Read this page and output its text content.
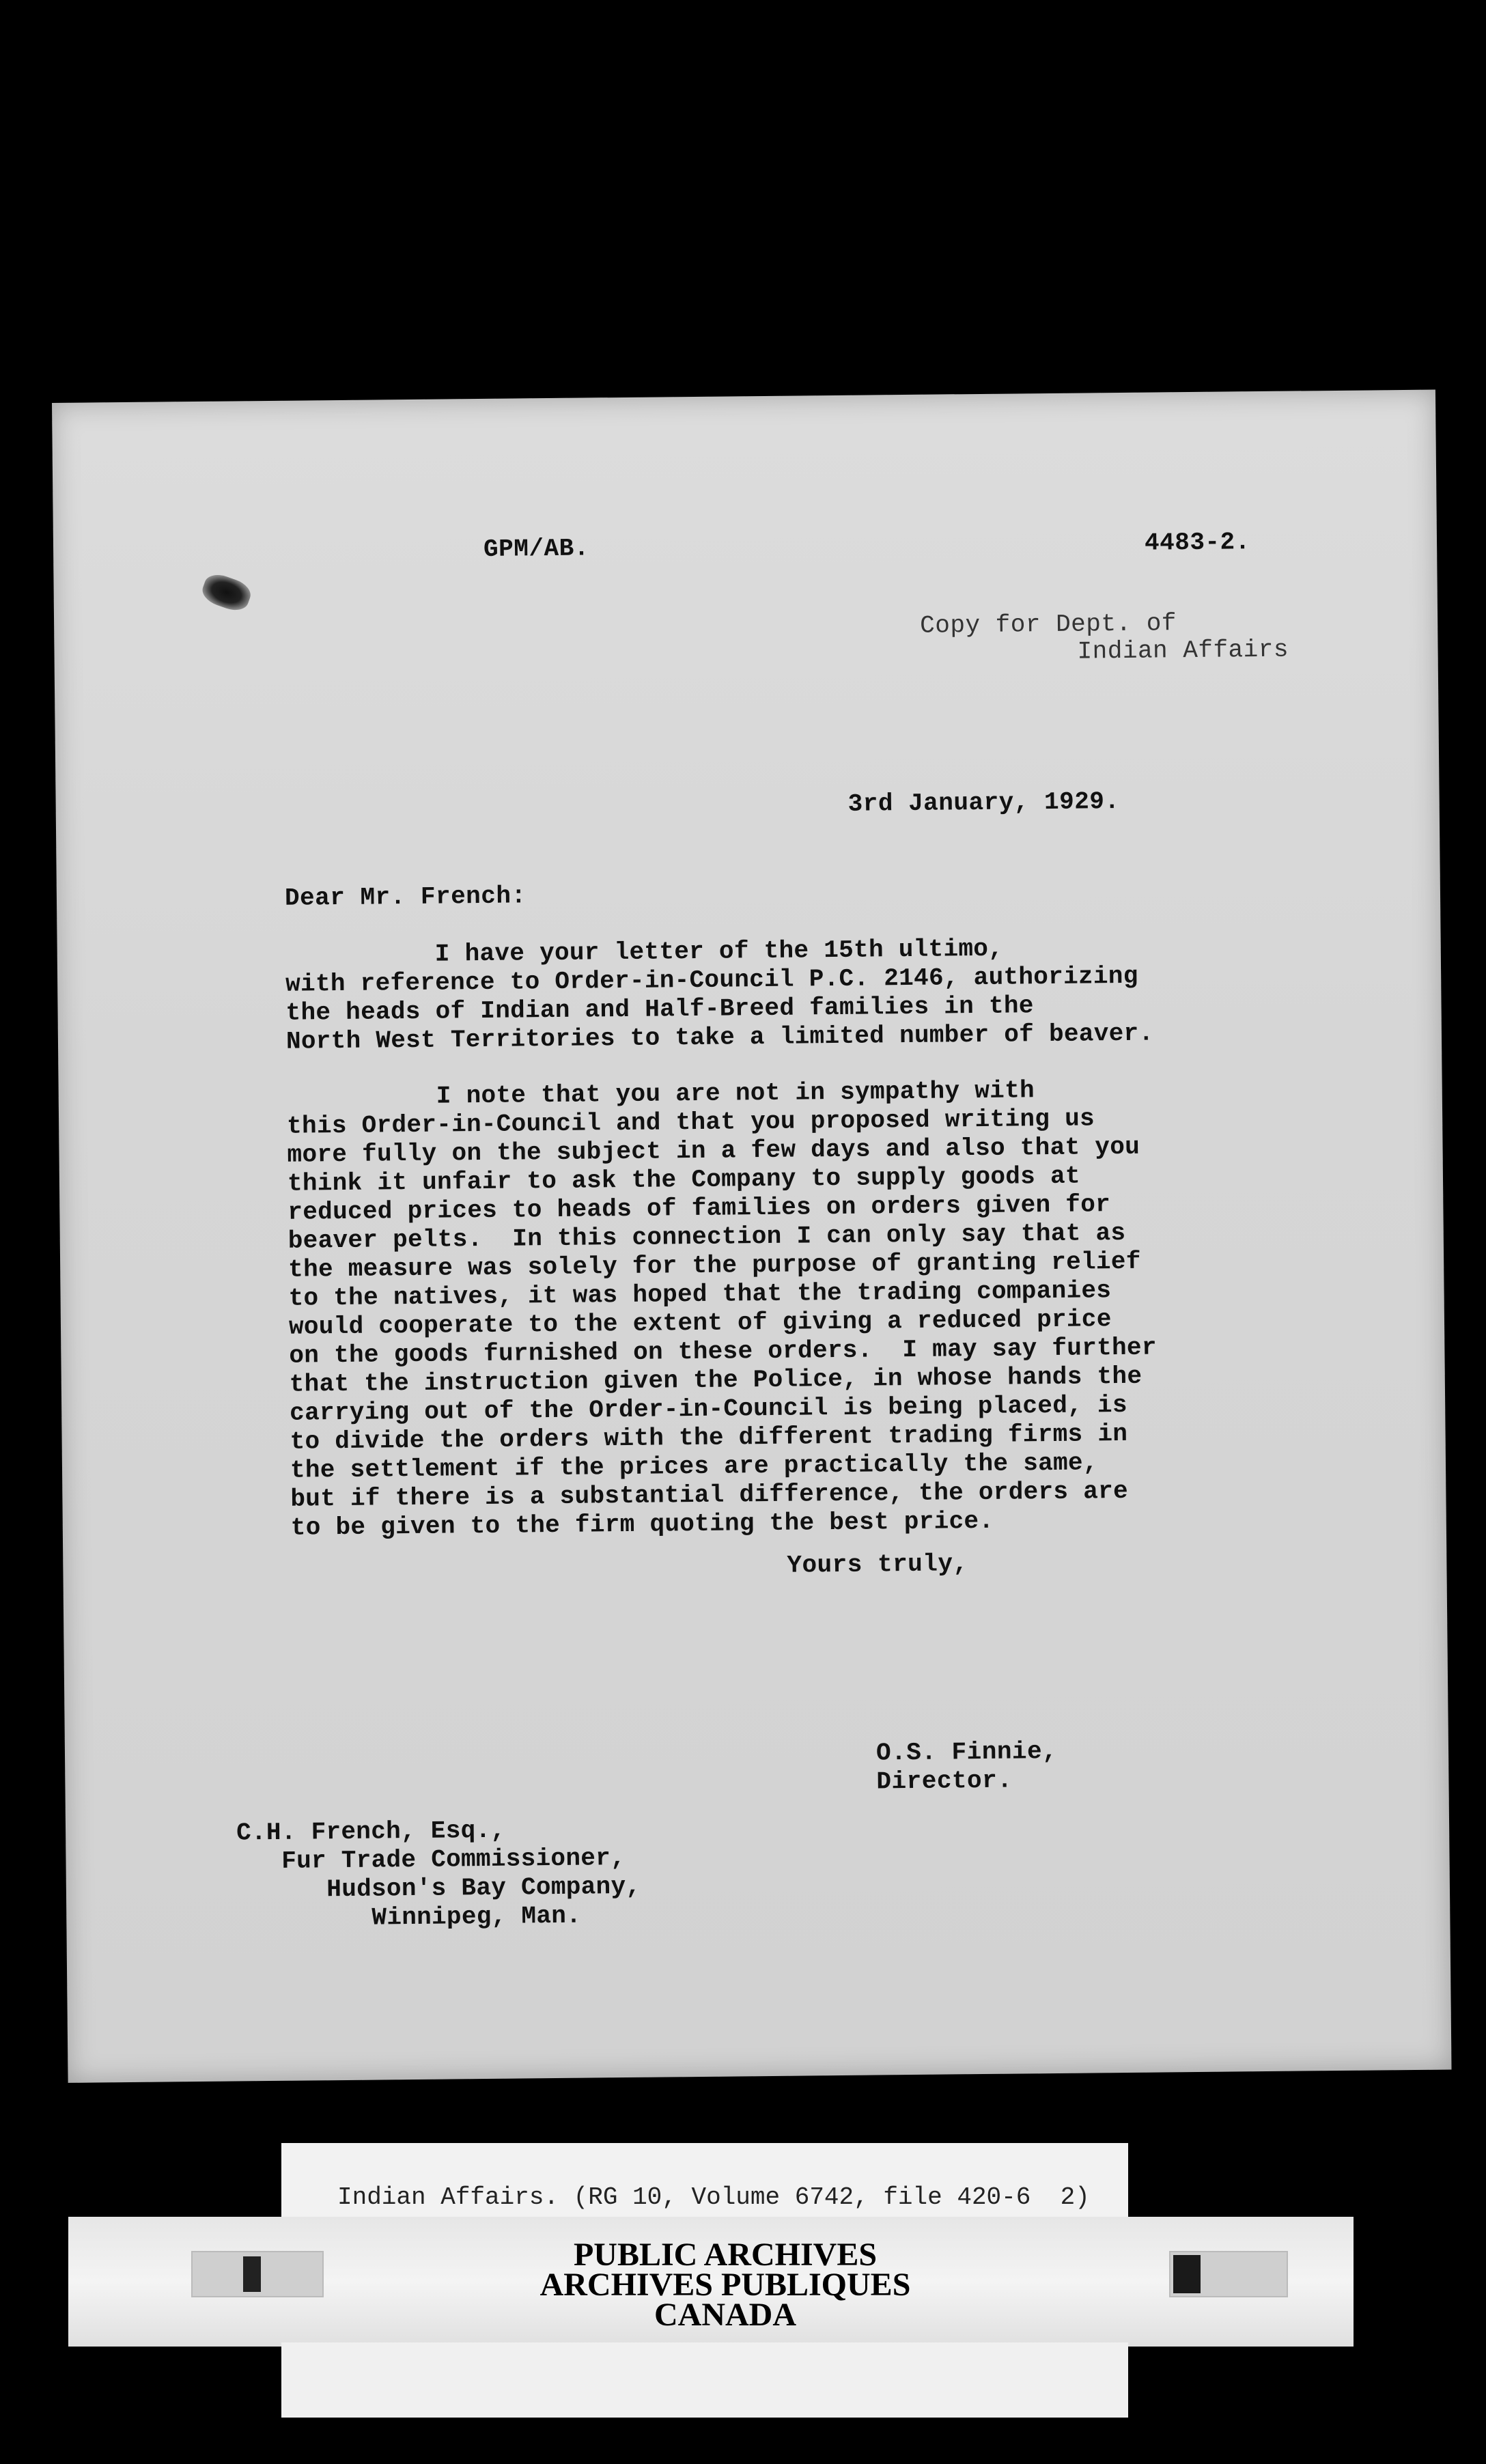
GPM/AB.	4483-2.
Copy for Dept. of
Indian Affairs
3rd January, 1929.
Dear Mr. French:
I have your letter of the 15th ultimo,
with reference to Order-in-Council P.C. 2146, authorizing
the heads of Indian and Half-Breed families in the
North West Territories to take a limited number of beaver.
I note that you are not in sympathy with
this Order-in-Council and that you proposed writing us
more fully on the subject in a few days and also that you
think it unfair to ask the Company to supply goods at
reduced prices to heads of families on orders given for
beaver pelts.  In this connection I can only say that as
the measure was solely for the purpose of granting relief
to the natives, it was hoped that the trading companies
would cooperate to the extent of giving a reduced price
on the goods furnished on these orders.  I may say further
that the instruction given the Police, in whose hands the
carrying out of the Order-in-Council is being placed, is
to divide the orders with the different trading firms in
the settlement if the prices are practically the same,
but if there is a substantial difference, the orders are
to be given to the firm quoting the best price.
Yours truly,
O.S. Finnie,
Director.
C.H. French, Esq.,
Fur Trade Commissioner,
Hudson's Bay Company,
Winnipeg, Man.
Indian Affairs. (RG 10, Volume 6742, file 420-6  2)
PUBLIC ARCHIVES
ARCHIVES PUBLIQUES
CANADA
